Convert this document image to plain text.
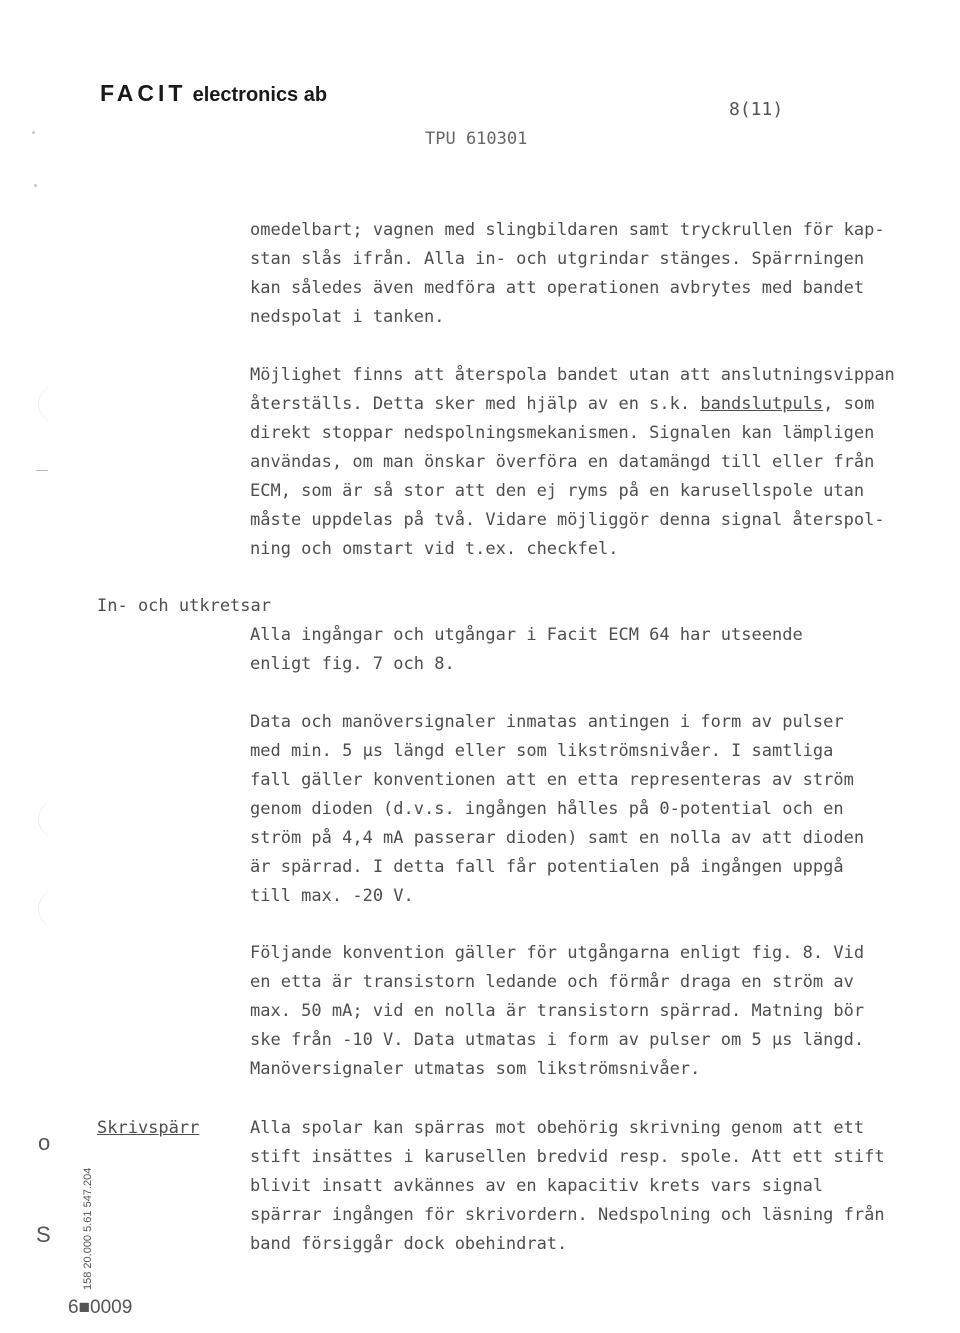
FACIT electronics ab
8(11)
TPU 610301
omedelbart; vagnen med slingbildaren samt tryckrullen för kap-
stan slås ifrån. Alla in- och utgrindar stänges. Spärrningen
kan således även medföra att operationen avbrytes med bandet
nedspolat i tanken.
Möjlighet finns att återspola bandet utan att anslutningsvippan
återställs. Detta sker med hjälp av en s.k. bandslutpuls, som
direkt stoppar nedspolningsmekanismen. Signalen kan lämpligen
användas, om man önskar överföra en datamängd till eller från
ECM, som är så stor att den ej ryms på en karusellspole utan
måste uppdelas på två. Vidare möjliggör denna signal återspol-
ning och omstart vid t.ex. checkfel.
In- och utkretsar
Alla ingångar och utgångar i Facit ECM 64 har utseende
enligt fig. 7 och 8.
Data och manöversignaler inmatas antingen i form av pulser
med min. 5 µs längd eller som likströmsnivåer. I samtliga
fall gäller konventionen att en etta representeras av ström
genom dioden (d.v.s. ingången hålles på 0-potential och en
ström på 4,4 mA passerar dioden) samt en nolla av att dioden
är spärrad. I detta fall får potentialen på ingången uppgå
till max. -20 V.
Följande konvention gäller för utgångarna enligt fig. 8. Vid
en etta är transistorn ledande och förmår draga en ström av
max. 50 mA; vid en nolla är transistorn spärrad. Matning bör
ske från -10 V. Data utmatas i form av pulser om 5 µs längd.
Manöversignaler utmatas som likströmsnivåer.
Skrivspärr	Alla spolar kan spärras mot obehörig skrivning genom att ett
stift insättes i karusellen bredvid resp. spole. Att ett stift
blivit insatt avkännes av en kapacitiv krets vars signal
spärrar ingången för skrivordern. Nedspolning och läsning från
band försiggår dock obehindrat.
o
S
6■0009
158 20.000 5.61 547.204
